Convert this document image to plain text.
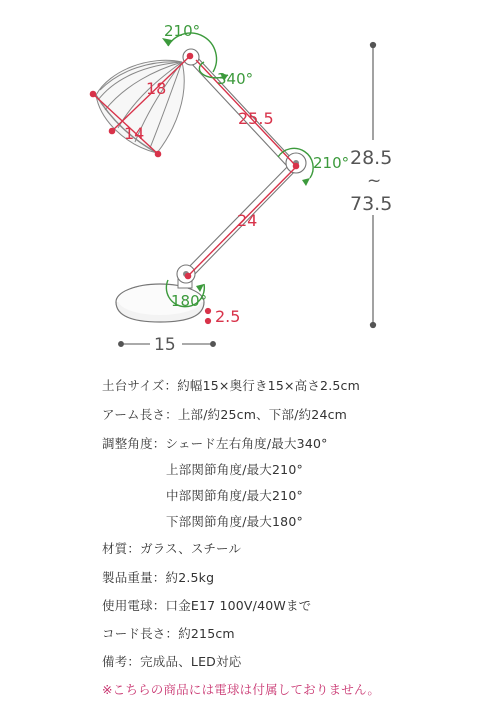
210°
340°
210°
180°
18
14
25.5
24
28.5
~
73.5
2.5
15
土台サイズ：約幅15×奥行き15×高さ2.5cm
アーム長さ：上部/約25cm、下部/約24cm
調整角度：シェード左右角度/最大340°
上部関節角度/最大210°
中部関節角度/最大210°
下部関節角度/最大180°
材質：ガラス、スチール
製品重量：約2.5kg
使用電球：口金E17 100V/40Wまで
コード長さ：約215cm
備考：完成品、LED対応
※こちらの商品には電球は付属しておりません。
